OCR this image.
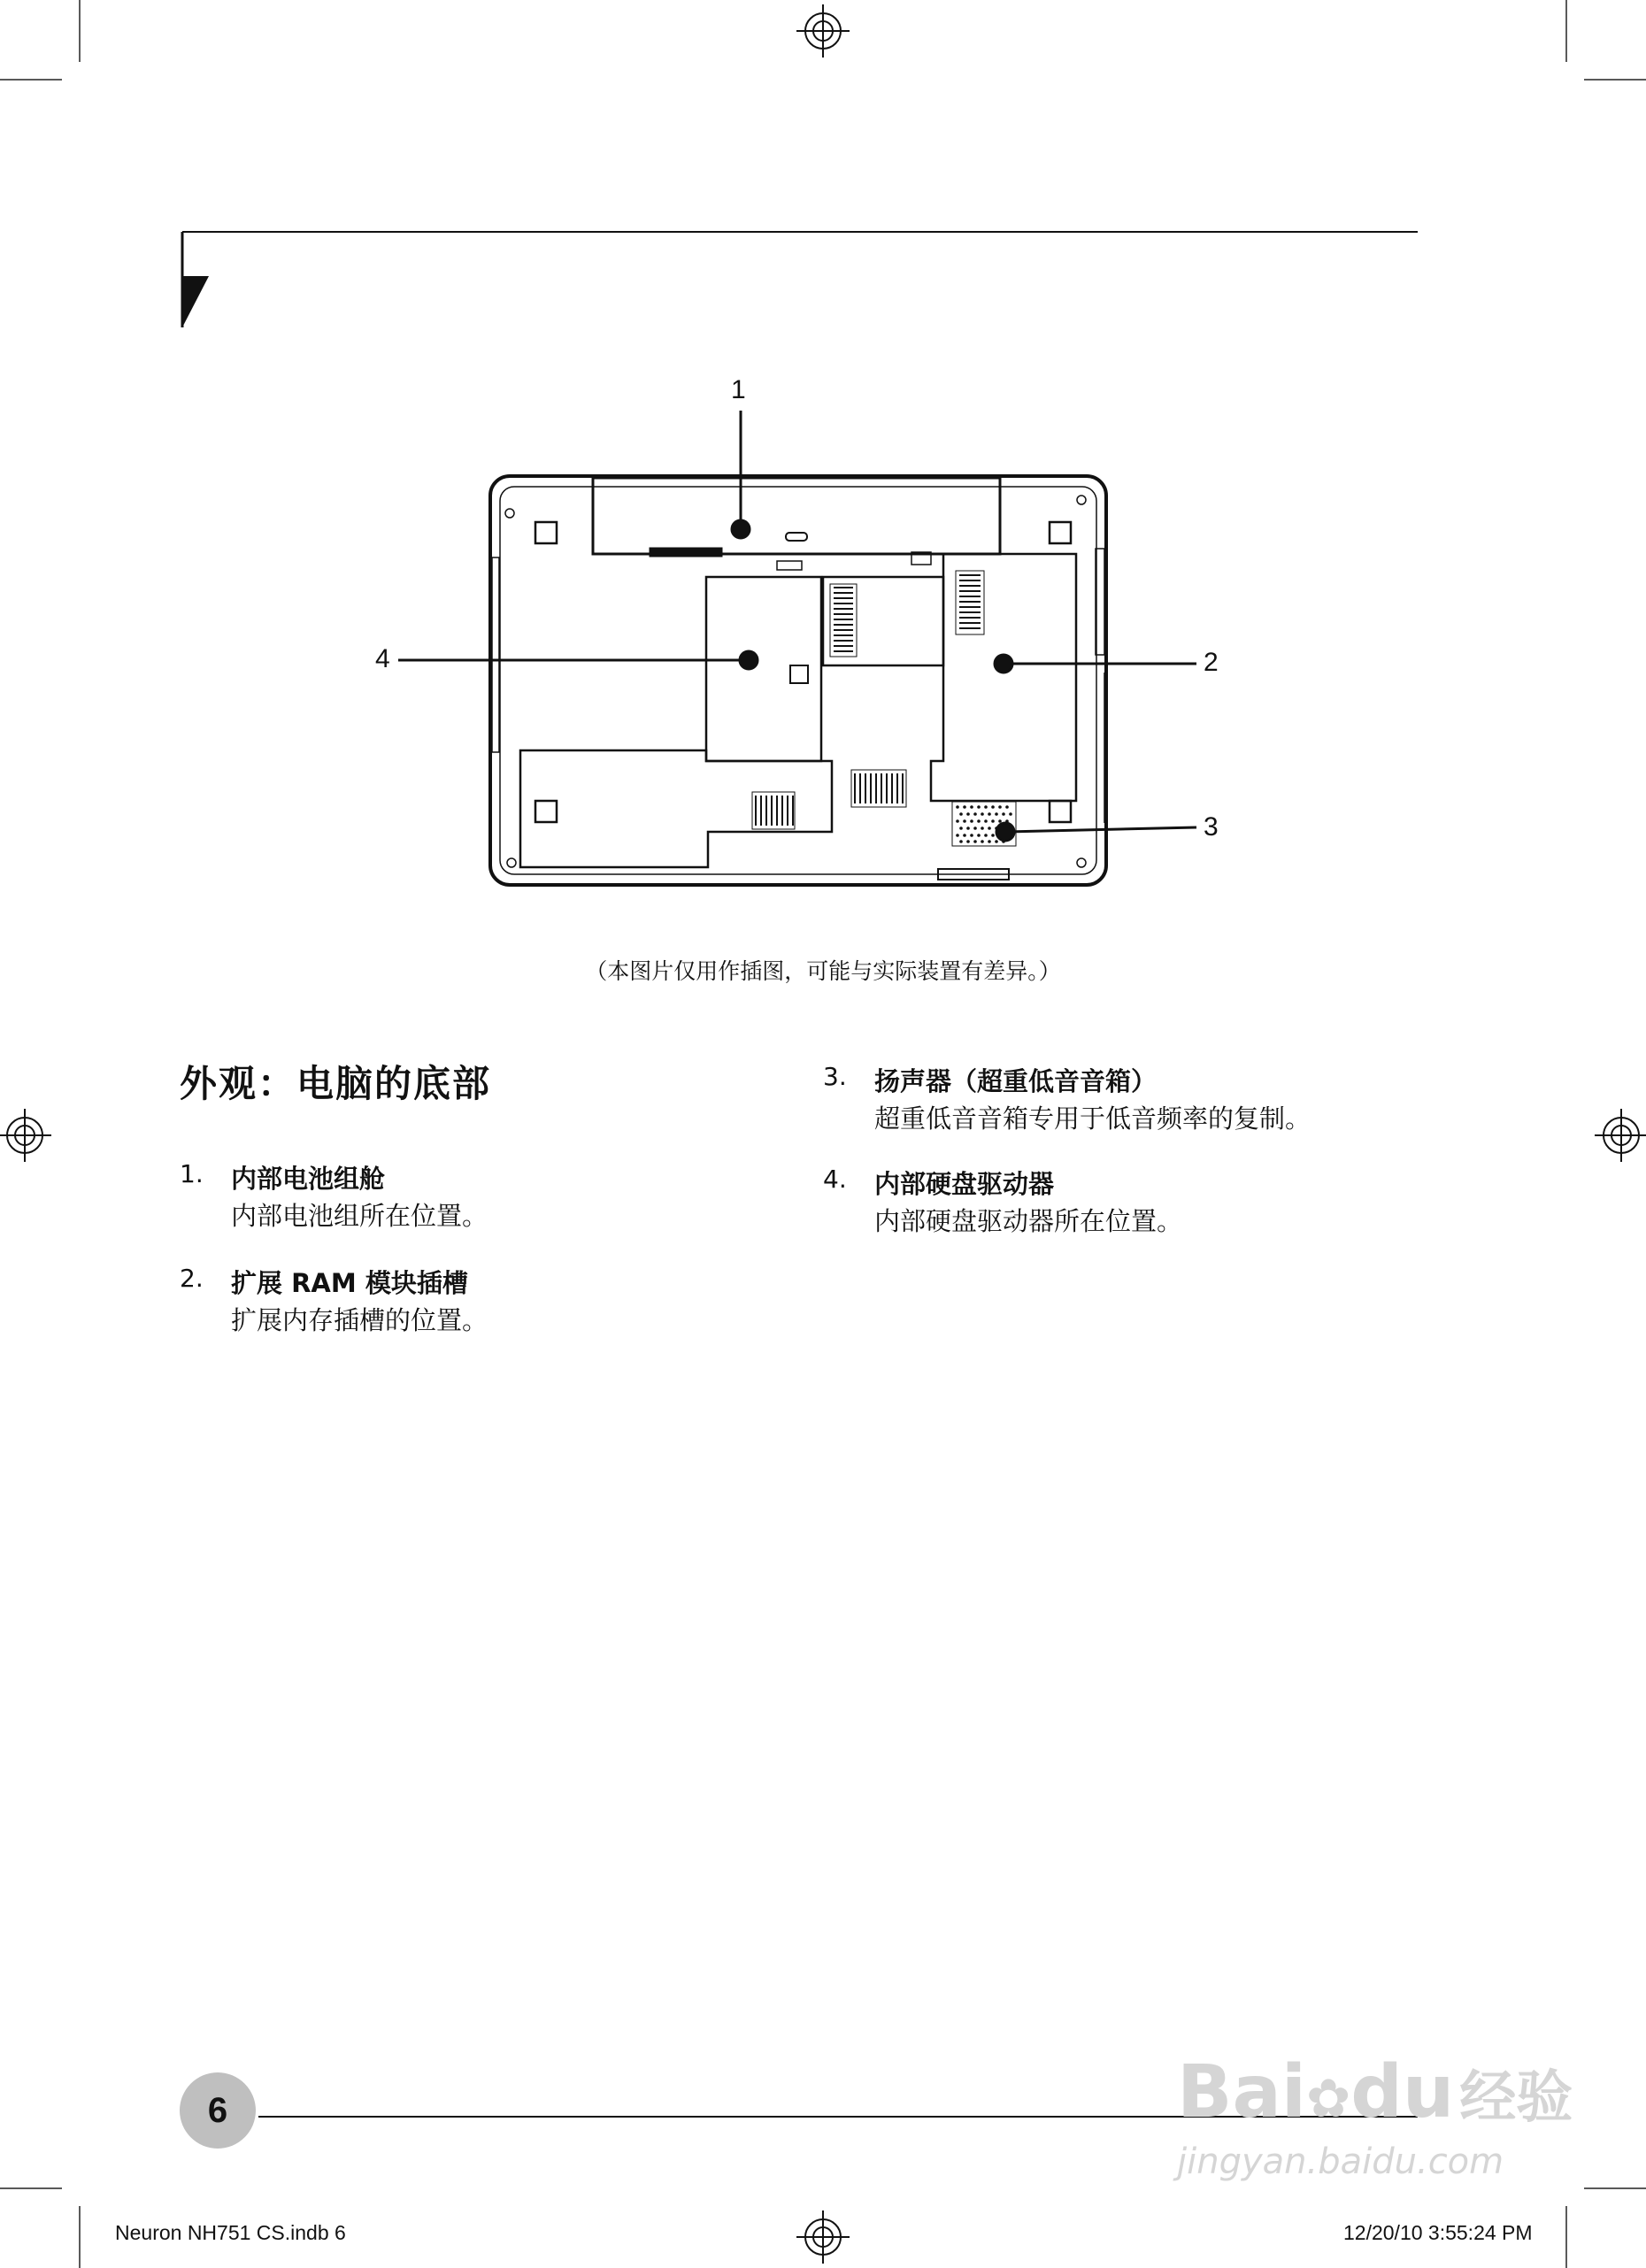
1
2
3
4
（本图片仅用作插图，可能与实际装置有差异。）
外观：电脑的底部
1. 内部电池组舱
内部电池组所在位置。
2. 扩展 RAM 模块插槽
扩展内存插槽的位置。
3. 扬声器（超重低音音箱）
超重低音音箱专用于低音频率的复制。
4. 内部硬盘驱动器
内部硬盘驱动器所在位置。
6	Bai✿du经验
jingyan.baidu.com
Neuron NH751 CS.indb 6	12/20/10 3:55:24 PM
